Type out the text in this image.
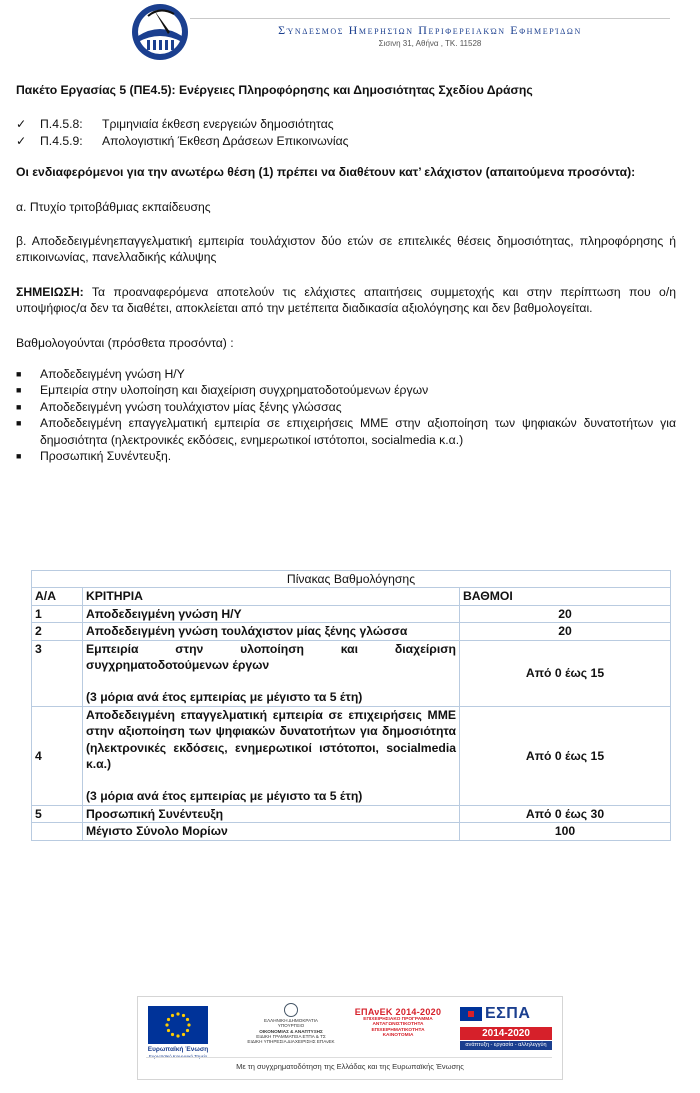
Σύνδεσμος Ημερησίων Περιφερειακών Εφημερίδων
Σισινη 31, Αθήνα , ΤΚ. 11528

Πακέτο Εργασίας 5 (ΠΕ4.5): Ενέργειες Πληροφόρησης και Δημοσιότητας Σχεδίου Δράσης

✓	Π.4.5.8:	Τριμηνιαία έκθεση ενεργειών δημοσιότητας
✓	Π.4.5.9:	Απολογιστική Έκθεση Δράσεων Επικοινωνίας

Οι ενδιαφερόμενοι για την ανωτέρω θέση (1) πρέπει να διαθέτουν κατ’ ελάχιστον (απαιτούμενα προσόντα):

α. Πτυχίο τριτοβάθμιας εκπαίδευσης

β. Αποδεδειγμένηεπαγγελματική εμπειρία τουλάχιστον δύο ετών σε επιτελικές θέσεις δημοσιότητας, πληροφόρησης ή επικοινωνίας, πανελλαδικής κάλυψης

ΣΗΜΕΙΩΣΗ: Τα προαναφερόμενα αποτελούν τις ελάχιστες απαιτήσεις συμμετοχής και στην περίπτωση που ο/η υποψήφιος/α δεν τα διαθέτει, αποκλείεται από την μετέπειτα διαδικασία αξιολόγησης και δεν βαθμολογείται.

Βαθμολογούνται (πρόσθετα προσόντα) :

■	Αποδεδειγμένη γνώση Η/Υ
■	Εμπειρία στην υλοποίηση και διαχείριση συγχρηματοδοτούμενων έργων
■	Αποδεδειγμένη γνώση τουλάχιστον μίας ξένης γλώσσας
■	Αποδεδειγμένη επαγγελματική εμπειρία σε επιχειρήσεις ΜΜΕ στην αξιοποίηση των ψηφιακών δυνατοτήτων για δημοσιότητα (ηλεκτρονικές εκδόσεις, ενημερωτικοί ιστότοποι, socialmedia κ.α.)
■	Προσωπική Συνέντευξη.
Πίνακας Βαθμολόγησης		
Α/Α	ΚΡΙΤΗΡΙΑ	ΒΑΘΜΟΙ
1	Αποδεδειγμένη γνώση Η/Υ	20
2	Αποδεδειγμένη γνώση τουλάχιστον μίας ξένης γλώσσα	20
3	Εμπειρία στην υλοποίηση και διαχείριση συγχρηματοδοτούμενων έργων
(3 μόρια ανά έτος εμπειρίας με μέγιστο τα 5 έτη)	Από 0 έως 15
4	Αποδεδειγμένη επαγγελματική εμπειρία σε επιχειρήσεις ΜΜΕ στην αξιοποίηση των ψηφιακών δυνατοτήτων για δημοσιότητα (ηλεκτρονικές εκδόσεις, ενημερωτικοί ιστότοποι, socialmedia κ.α.)
(3 μόρια ανά έτος εμπειρίας με μέγιστο τα 5 έτη)	Από 0 έως 15
5	Προσωπική Συνέντευξη	Από 0 έως 30
	Μέγιστο Σύνολο Μορίων	100
Ευρωπαϊκή Ένωση
ΕΛΛΗΝΙΚΗ ΔΗΜΟΚΡΑΤΙΑ
ΥΠΟΥΡΓΕΙΟ
ΟΙΚΟΝΟΜΙΑΣ & ΑΝΑΠΤΥΞΗΣ
ΕΙΔΙΚΗ ΓΡΑΜΜΑΤΕΙΑ ΕΤΠΑ & ΤΣ
ΕΙΔΙΚΗ ΥΠΗΡΕΣΙΑ ΔΙΑΧΕΙΡΙΣΗΣ ΕΠΑνΕΚ
ΕΠΑνΕΚ 2014-2020
ΕΠΙΧΕΙΡΗΣΙΑΚΟ ΠΡΟΓΡΑΜΜΑ
ΑΝΤΑΓΩΝΙΣΤΙΚΟΤΗΤΑ
ΕΠΙΧΕΙΡΗΜΑΤΙΚΟΤΗΤΑ
ΚΑΙΝΟΤΟΜΙΑ
ΕΣΠΑ
2014-2020
ανάπτυξη - εργασία - αλληλεγγύη
Με τη συγχρηματοδότηση της Ελλάδας και της Ευρωπαϊκής Ένωσης
